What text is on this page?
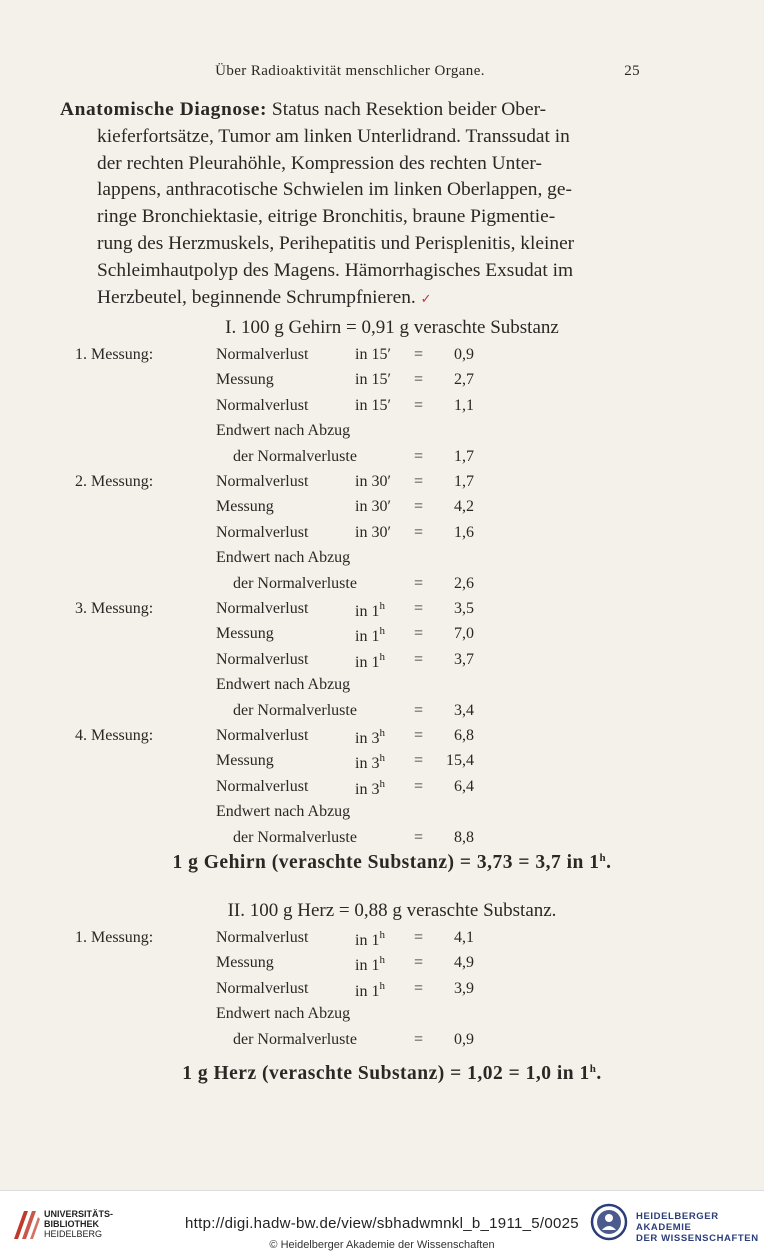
Über Radioaktivität menschlicher Organe.	25

Anatomische Diagnose: Status nach Resektion beider Ober-
kieferfortsätze, Tumor am linken Unterlidrand. Transsudat in
der rechten Pleurahöhle, Kompression des rechten Unter-
lappens, anthracotische Schwielen im linken Oberlappen, ge-
ringe Bronchiektasie, eitrige Bronchitis, braune Pigmentie-
rung des Herzmuskels, Perihepatitis und Perisplenitis, kleiner
Schleimhautpolyp des Magens. Hämorrhagisches Exsudat im
Herzbeutel, beginnende Schrumpfnieren. ✓

I. 100 g Gehirn = 0,91 g veraschte Substanz
1. Messung:	Normalverlust	in 15′ = 0,9
Messung	in 15′ = 2,7
Normalverlust	in 15′ = 1,1
Endwert nach Abzug
der Normalverluste	= 1,7
2. Messung:	Normalverlust	in 30′ = 1,7
Messung	in 30′ = 4,2
Normalverlust	in 30′ = 1,6
Endwert nach Abzug
der Normalverluste	= 2,6
3. Messung:	Normalverlust	in $1^h = 3,5$
Messung	in $1^h = 7,0$
Normalverlust	in $1^h = 3,7$
Endwert nach Abzug
der Normalverluste	= 3,4
4. Messung:	Normalverlust	in $3^h = 6,8$
Messung	in $3^h = 15,4$
Normalverlust	in $3^h = 6,4$
Endwert nach Abzug
der Normalverluste	= 8,8
1 g Gehirn (veraschte Substanz) = 3,73 = 3,7 in 1$^h$.
II. 100 g Herz = 0,88 g veraschte Substanz.
1. Messung:	Normalverlust	in $1^h = 4,1$
Messung	in $1^h = 4,9$
Normalverlust	in $1^h = 3,9$
Endwert nach Abzug
der Normalverluste	= 0,9
1 g Herz (veraschte Substanz) = 1,02 = 1,0 in 1$^h$.
UNIVERSITÄTS-
BIBLIOTHEK
HEIDELBERG
http://digi.hadw-bw.de/view/sbhadwmnkl_b_1911_5/0025
© Heidelberger Akademie der Wissenschaften
HEIDELBERGER AKADEMIE
DER WISSENSCHAFTEN
